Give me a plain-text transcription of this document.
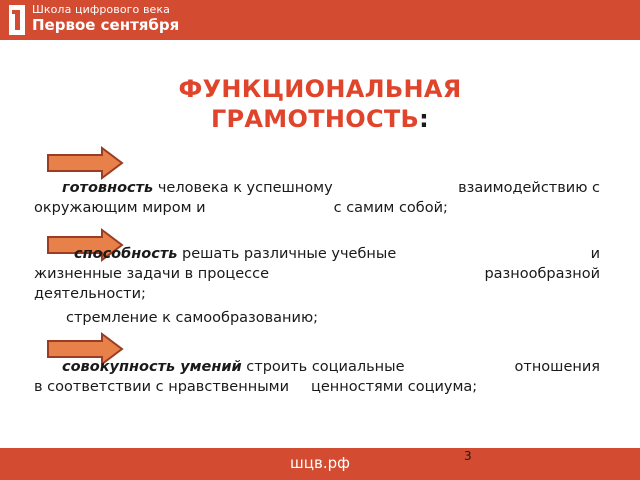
Школа цифрового века
Первое сентября
ФУНКЦИОНАЛЬНАЯ
ГРАМОТНОСТЬ:
готовность человека к успешному	взаимодействию с
окружающим миром и	с самим собой;
способность решать различные учебные	и
жизненные задачи в процессе	разнообразной
деятельности;
стремление к самообразованию;
совокупность умений строить социальные	отношения
в соответствии с нравственными ценностями социума;
шцв.рф	3
